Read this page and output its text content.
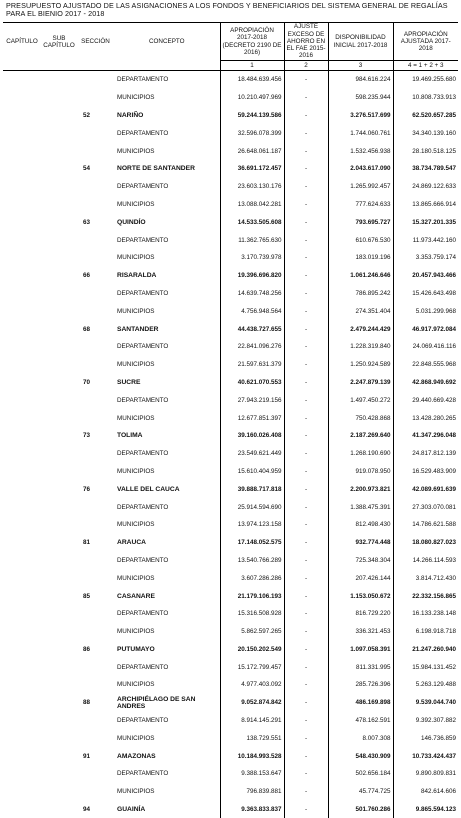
PRESUPUESTO AJUSTADO DE LAS ASIGNACIONES A LOS FONDOS Y BENEFICIARIOS DEL SISTEMA GENERAL DE REGALÍAS PARA EL BIENIO 2017 - 2018
CAPÍTULO	SUB CAPÍTULO	SECCIÓN	CONCEPTO	APROPIACIÓN 2017-2018 (DECRETO 2190 DE 2016)	AJUSTE EXCESO DE AHORRO EN EL FAE 2015-2016	DISPONIBILIDAD INICIAL 2017-2018	APROPIACIÓN AJUSTADA 2017-2018
				1	2	3	4 = 1 + 2 + 3
			DEPARTAMENTO	18.484.639.456	-	984.616.224	19.469.255.680
			MUNICIPIOS	10.210.497.969	-	598.235.944	10.808.733.913
		52	NARIÑO	59.244.139.586	-	3.276.517.699	62.520.657.285
			DEPARTAMENTO	32.596.078.399	-	1.744.060.761	34.340.139.160
			MUNICIPIOS	26.648.061.187	-	1.532.456.938	28.180.518.125
		54	NORTE DE SANTANDER	36.691.172.457	-	2.043.617.090	38.734.789.547
			DEPARTAMENTO	23.603.130.176	-	1.265.992.457	24.869.122.633
			MUNICIPIOS	13.088.042.281	-	777.624.633	13.865.666.914
		63	QUINDÍO	14.533.505.608	-	793.695.727	15.327.201.335
			DEPARTAMENTO	11.362.765.630	-	610.676.530	11.973.442.160
			MUNICIPIOS	3.170.739.978	-	183.019.196	3.353.759.174
		66	RISARALDA	19.396.696.820	-	1.061.246.646	20.457.943.466
			DEPARTAMENTO	14.639.748.256	-	786.895.242	15.426.643.498
			MUNICIPIOS	4.756.948.564	-	274.351.404	5.031.299.968
		68	SANTANDER	44.438.727.655	-	2.479.244.429	46.917.972.084
			DEPARTAMENTO	22.841.096.276	-	1.228.319.840	24.069.416.116
			MUNICIPIOS	21.597.631.379	-	1.250.924.589	22.848.555.968
		70	SUCRE	40.621.070.553	-	2.247.879.139	42.868.949.692
			DEPARTAMENTO	27.943.219.156	-	1.497.450.272	29.440.669.428
			MUNICIPIOS	12.677.851.397	-	750.428.868	13.428.280.265
		73	TOLIMA	39.160.026.408	-	2.187.269.640	41.347.296.048
			DEPARTAMENTO	23.549.621.449	-	1.268.190.690	24.817.812.139
			MUNICIPIOS	15.610.404.959	-	919.078.950	16.529.483.909
		76	VALLE DEL CAUCA	39.888.717.818	-	2.200.973.821	42.089.691.639
			DEPARTAMENTO	25.914.594.690	-	1.388.475.391	27.303.070.081
			MUNICIPIOS	13.974.123.158	-	812.498.430	14.786.621.588
		81	ARAUCA	17.148.052.575	-	932.774.448	18.080.827.023
			DEPARTAMENTO	13.540.766.289	-	725.348.304	14.266.114.593
			MUNICIPIOS	3.607.286.286	-	207.426.144	3.814.712.430
		85	CASANARE	21.179.106.193	-	1.153.050.672	22.332.156.865
			DEPARTAMENTO	15.316.508.928	-	816.729.220	16.133.238.148
			MUNICIPIOS	5.862.597.265	-	336.321.453	6.198.918.718
		86	PUTUMAYO	20.150.202.549	-	1.097.058.391	21.247.260.940
			DEPARTAMENTO	15.172.799.457	-	811.331.995	15.984.131.452
			MUNICIPIOS	4.977.403.092	-	285.726.396	5.263.129.488
		88	ARCHIPIÉLAGO DE SAN ANDRES	9.052.874.842	-	486.169.898	9.539.044.740
			DEPARTAMENTO	8.914.145.291	-	478.162.591	9.392.307.882
			MUNICIPIOS	138.729.551	-	8.007.308	146.736.859
		91	AMAZONAS	10.184.993.528	-	548.430.909	10.733.424.437
			DEPARTAMENTO	9.388.153.647	-	502.656.184	9.890.809.831
			MUNICIPIOS	796.839.881	-	45.774.725	842.614.606
		94	GUAINÍA	9.363.833.837	-	501.760.286	9.865.594.123
